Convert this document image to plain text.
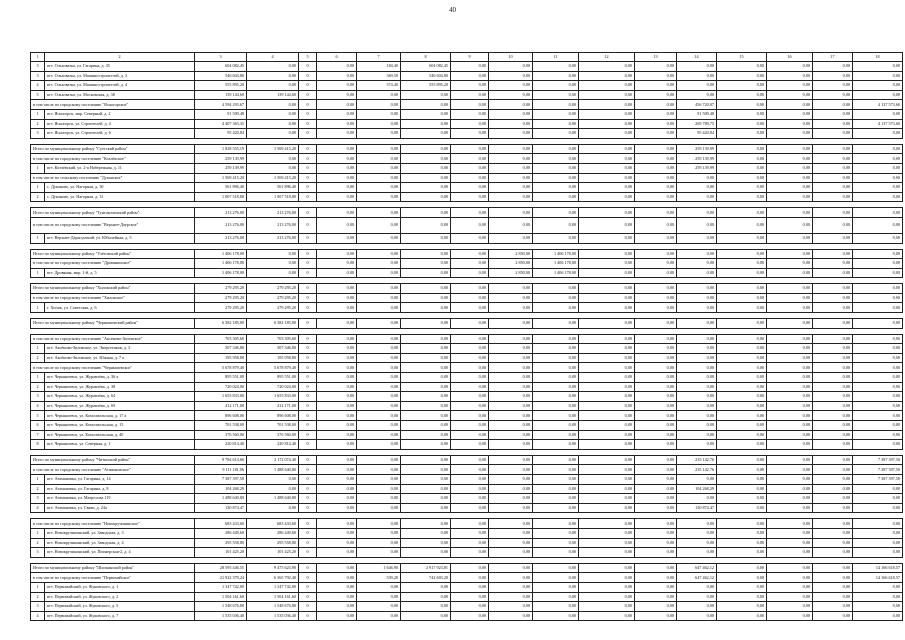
40
1	2	3	4	5	6	7	8	9	10	11	12	13	14	15	16	17	18
3	пгт. Ольховатка, ул. Гагарина, д. 45	604 082,45	0,00	0	0,00	184,40	604 082,45	0,00	0,00	0,00	0,00	0,00	0,00	0,00	0,00	0,00	0,00
3	пгт. Ольховатка, ул. Машиностроителей, д. 3	546 604,80	0,00	0	0,00	369,50	546 604,80	0,00	0,00	0,00	0,00	0,00	0,00	0,00	0,00	0,00	0,00
4	пгт. Ольховатка, ул. Машиностроителей, д. 4	555 895,20	0,00	0	0,00	574,40	555 895,20	0,00	0,00	0,00	0,00	0,00	0,00	0,00	0,00	0,00	0,00
5	пгт. Ольховатка, ул. Московская, д. 38	139 144,60	139 144,60	0	0,00	0,00	0,00	0,00	0,00	0,00	0,00	0,00	0,00	0,00	0,00	0,00	0,00
в том числе по городскому поселению "Ясногорское"		4 594 293,67	0,00	0	0,00	0,00	0,00	0,00	0,00	0,00	0,00	0,00	456 720,07	0,00	0,00	0,00	4 137 573,60
1	пгт. Ясногорск, мкр. Северный, д. 2	91 509,48	0,00	0	0,00	0,00	0,00	0,00	0,00	0,00	0,00	0,00	91 509,48	0,00	0,00	0,00	0,00
2	пгт. Ясногорск, ул. Строителей, д. 4	4 407 363,35	0,00	0	0,00	0,00	0,00	0,00	0,00	0,00	0,00	0,00	269 789,75	0,00	0,00	0,00	4 137 573,60
3	пгт. Ясногорск, ул. Строителей, д. 6	95 420,84	0,00	0	0,00	0,00	0,00	0,00	0,00	0,00	0,00	0,00	95 420,84	0,00	0,00	0,00	0,00

Итого по муниципальному району "Суетский район"		1 828 555,19	1 569 415,20	0	0,00	0,00	0,00	0,00	0,00	0,00	0,00	0,00	259 139,99	0,00	0,00	0,00	0,00
в том числе по городскому поселению "Козлёвское"		259 139,99	0,00	0	0,00	0,00	0,00	0,00	0,00	0,00	0,00	0,00	259 139,99	0,00	0,00	0,00	0,00
1	пгт. Козлёвский, ул. 2-я Набережная, д. 11	259 139,99	0,00	0	0,00	0,00	0,00	0,00	0,00	0,00	0,00	0,00	259 139,99	0,00	0,00	0,00	0,00
в том числе по сельскому поселению "Дуканское"		1 569 415,20	1 569 415,20	0	0,00	0,00	0,00	0,00	0,00	0,00	0,00	0,00	0,00	0,00	0,00	0,00	0,00
1	с. Дуканово, ул. Нагорная, д. 30	561 896,40	561 896,40	0	0,00	0,00	0,00	0,00	0,00	0,00	0,00	0,00	0,00	0,00	0,00	0,00	0,00
2	с. Дуканово, ул. Нагорная, д. 31	1 007 518,80	1 007 518,80	0	0,00	0,00	0,00	0,00	0,00	0,00	0,00	0,00	0,00	0,00	0,00	0,00	0,00

Итого по муниципальному району "Тунгокоченский район":		213 276,00	213 276,00	0	0,00	0,00	0,00	0,00	0,00	0,00	0,00	0,00	0,00	0,00	0,00	0,00	0,00
в том числе по городскому поселению "Верхнее-Даурское"		213 276,00	213 276,00	0	0,00	0,00	0,00	0,00	0,00	0,00	0,00	0,00	0,00	0,00	0,00	0,00	0,00
1	пгт. Верхнее-Дарасунский, ул. Юбилейная, д. 5	213 276,00	213 276,00	0	0,00	0,00	0,00	0,00	0,00	0,00	0,00	0,00	0,00	0,00	0,00	0,00	0,00

Итого по муниципальному району "Улётовский район"		1 406 178,00	0,00	0	0,00	0,00	0,00	0,00	2 850,00	1 406 178,00	0,00	0,00	0,00	0,00	0,00	0,00	0,00
в том числе по городскому поселению "Дровянинское"		1 406 178,00	0,00	0	0,00	0,00	0,00	0,00	2 850,00	1 406 178,00	0,00	0,00	0,00	0,00	0,00	0,00	0,00
1	пгт. Дровяная, мкр. 1-й, д. 5	1 406 178,00	0,00	0	0,00	0,00	0,00	0,00	2 850,00	1 406 178,00	0,00	0,00	0,00	0,00	0,00	0,00	0,00

Итого по муниципальному району "Хилокский район"		279 295,20	279 295,20	0	0,00	0,00	0,00	0,00	0,00	0,00	0,00	0,00	0,00	0,00	0,00	0,00	0,00
в том числе по городскому поселению "Хилокское"		279 295,20	279 295,20	0	0,00	0,00	0,00	0,00	0,00	0,00	0,00	0,00	0,00	0,00	0,00	0,00	0,00
1	г. Хилок, ул. Советская, д. 6	279 295,20	279 295,20	0	0,00	0,00	0,00	0,00	0,00	0,00	0,00	0,00	0,00	0,00	0,00	0,00	0,00

Итого по муниципальному району "Чернышевский район"		6 382 185,00	6 382 185,00	0	0,00	0,00	0,00	0,00	0,00	0,00	0,00	0,00	0,00	0,00	0,00	0,00	0,00

в том числе по городскому поселению "Аксёново-Зиловское"		703 305,60	703 305,60	0	0,00	0,00	0,00	0,00	0,00	0,00	0,00	0,00	0,00	0,00	0,00	0,00	0,00
1	пгт. Аксёново-Зиловское, ул. Энергетиков, д. 3	507 346,80	507 346,80	0	0,00	0,00	0,00	0,00	0,00	0,00	0,00	0,00	0,00	0,00	0,00	0,00	0,00
2	пгт. Аксёново-Зиловское, ул. Южная, д. 7 а	195 958,80	195 958,80	0	0,00	0,00	0,00	0,00	0,00	0,00	0,00	0,00	0,00	0,00	0,00	0,00	0,00
в том числе по городскому поселению "Чернышевское"		5 678 879,40	5 678 879,40	0	0,00	0,00	0,00	0,00	0,00	0,00	0,00	0,00	0,00	0,00	0,00	0,00	0,00
1	пгт. Чернышевск, ул. Журавлёва, д. 36 а	895 551,00	895 551,00	0	0,00	0,00	0,00	0,00	0,00	0,00	0,00	0,00	0,00	0,00	0,00	0,00	0,00
2	пгт. Чернышевск, ул. Журавлёва, д. 38	720 024,00	720 024,00	0	0,00	0,00	0,00	0,00	0,00	0,00	0,00	0,00	0,00	0,00	0,00	0,00	0,00
3	пгт. Чернышевск, ул. Журавлёва, д. 64	1 655 833,00	1 655 833,00	0	0,00	0,00	0,00	0,00	0,00	0,00	0,00	0,00	0,00	0,00	0,00	0,00	0,00
4	пгт. Чернышевск, ул. Журавлёва, д. 69	412 171,00	412 171,00	0	0,00	0,00	0,00	0,00	0,00	0,00	0,00	0,00	0,00	0,00	0,00	0,00	0,00
5	пгт. Чернышевск, ул. Комсомольская, д. 17 а	896 608,00	896 608,00	0	0,00	0,00	0,00	0,00	0,00	0,00	0,00	0,00	0,00	0,00	0,00	0,00	0,00
6	пгт. Чернышевск, ул. Комсомольская, д. 15	701 538,00	701 538,00	0	0,00	0,00	0,00	0,00	0,00	0,00	0,00	0,00	0,00	0,00	0,00	0,00	0,00
7	пгт. Чернышевск, ул. Комсомольская, д. 40	376 560,00	376 560,00	0	0,00	0,00	0,00	0,00	0,00	0,00	0,00	0,00	0,00	0,00	0,00	0,00	0,00
8	пгт. Чернышевск, ул. Северная, д. 1	220 814,40	220 814,40	0	0,00	0,00	0,00	0,00	0,00	0,00	0,00	0,00	0,00	0,00	0,00	0,00	0,00

Итого по муниципальному району "Читинский район"		9 784 614,66	2 172 074,40	0	0,00	0,00	0,00	0,00	0,00	0,00	0,00	0,00	235 142,76	0,00	0,00	0,00	7 387 397,50
в том числе по городскому поселению "Атамановское"		9 111 181,06	1 488 640,80	0	0,00	0,00	0,00	0,00	0,00	0,00	0,00	0,00	235 142,76	0,00	0,00	0,00	7 387 397,50
1	пгт. Атамановка, ул. Гагарина, д. 14	7 387 397,50	0,00	0	0,00	0,00	0,00	0,00	0,00	0,00	0,00	0,00	0,00	0,00	0,00	0,00	7 387 397,50
2	пгт. Атамановка, ул. Гагарина, д. 8	104 268,29	0,00	0	0,00	0,00	0,00	0,00	0,00	0,00	0,00	0,00	104 268,29	0,00	0,00	0,00	0,00
3	пгт. Атамановка, ул. Матросова 119	1 488 640,80	1 488 640,80	0	0,00	0,00	0,00	0,00	0,00	0,00	0,00	0,00	0,00	0,00	0,00	0,00	0,00
4	пгт. Атамановка, ул. Связи, д. 24а	130 874,47	0,00	0	0,00	0,00	0,00	0,00	0,00	0,00	0,00	0,00	130 874,47	0,00	0,00	0,00	0,00

в том числе по городскому поселению "Новокручининское"		683 433,60	683 433,60	0	0,00	0,00	0,00	0,00	0,00	0,00	0,00	0,00	0,00	0,00	0,00	0,00	0,00
1	пгт. Новокручининский, ул. Заводская, д. 3	286 449,60	286 449,60	0	0,00	0,00	0,00	0,00	0,00	0,00	0,00	0,00	0,00	0,00	0,00	0,00	0,00
2	пгт. Новокручининский, ул. Заводская, д. 4	295 558,80	295 558,80	0	0,00	0,00	0,00	0,00	0,00	0,00	0,00	0,00	0,00	0,00	0,00	0,00	0,00
3	пгт. Новокручининский, ул. Пионерская-2, д. 4	101 425,20	101 425,20	0	0,00	0,00	0,00	0,00	0,00	0,00	0,00	0,00	0,00	0,00	0,00	0,00	0,00

Итого по муниципальному району "Шилкинский район"		28 595 446,55	9 475 623,90	0	0,00	1 646,90	2 917 923,81	0,00	0,00	0,00	0,00	0,00	647 462,12	0,00	0,00	0,00	14 166 618,57
в том числе по городскому поселению "Первомайское"		21 922 379,24	6 365 792,40	0	0,00	539,20	742 603,20	0,00	0,00	0,00	0,00	0,00	647 462,12	0,00	0,00	0,00	14 166 618,57
1	пгт. Первомайский, ул. Жуковского, д. 1	1 347 742,00	1 347 742,00	0	0,00	0,00	0,00	0,00	0,00	0,00	0,00	0,00	0,00	0,00	0,00	0,00	0,00
2	пгт. Первомайский, ул. Жуковского, д. 2	1 504 161,60	1 504 161,60	0	0,00	0,00	0,00	0,00	0,00	0,00	0,00	0,00	0,00	0,00	0,00	0,00	0,00
3	пгт. Первомайский, ул. Жуковского, д. 5	1 548 676,80	1 548 676,80	0	0,00	0,00	0,00	0,00	0,00	0,00	0,00	0,00	0,00	0,00	0,00	0,00	0,00
4	пгт. Первомайский, ул. Жуковского, д. 7	1 535 036,40	1 535 036,40	0	0,00	0,00	0,00	0,00	0,00	0,00	0,00	0,00	0,00	0,00	0,00	0,00	0,00
